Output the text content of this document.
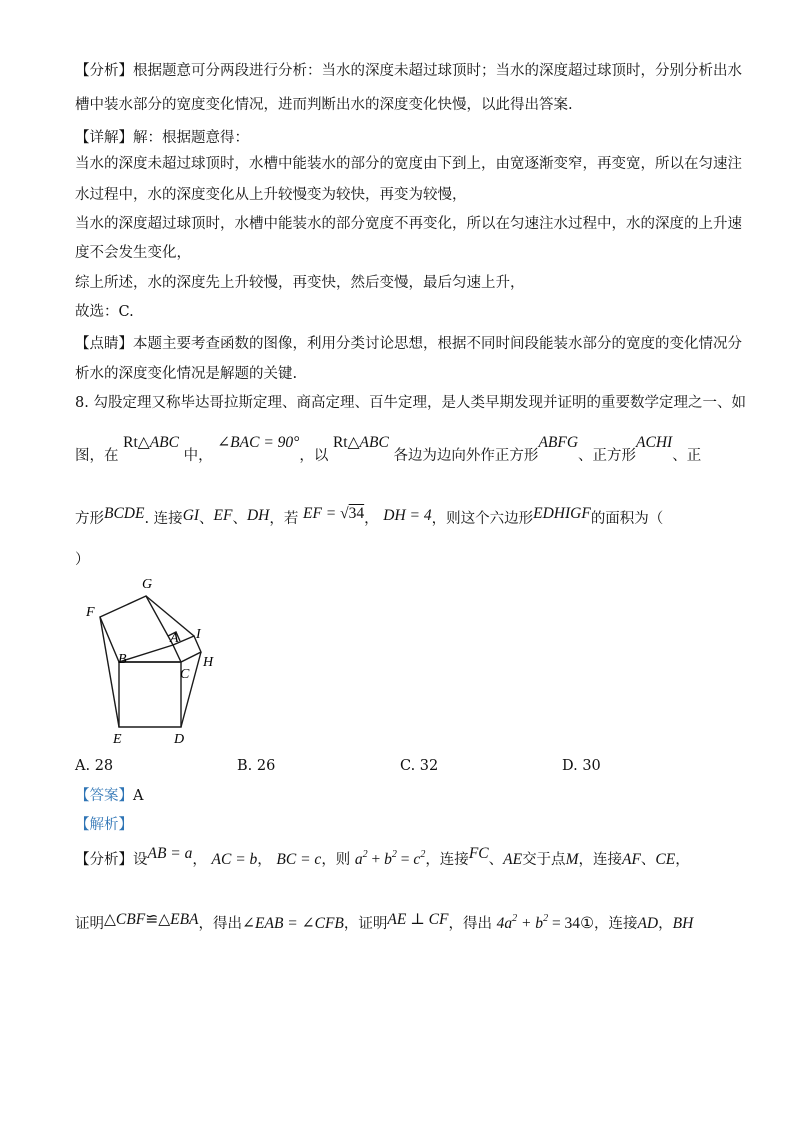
【分析】根据题意可分两段进行分析：当水的深度未超过球顶时；当水的深度超过球顶时，分别分析出水
槽中装水部分的宽度变化情况，进而判断出水的深度变化快慢，以此得出答案.
【详解】解：根据题意得：
当水的深度未超过球顶时，水槽中能装水的部分的宽度由下到上，由宽逐渐变窄，再变宽，所以在匀速注
水过程中，水的深度变化从上升较慢变为较快，再变为较慢，
当水的深度超过球顶时，水槽中能装水的部分宽度不再变化，所以在匀速注水过程中，水的深度的上升速
度不会发生变化，
综上所述，水的深度先上升较慢，再变快，然后变慢，最后匀速上升，
故选：C.
【点睛】本题主要考查函数的图像，利用分类讨论思想，根据不同时间段能装水部分的宽度的变化情况分
析水的深度变化情况是解题的关键.
8. 勾股定理又称毕达哥拉斯定理、商高定理、百牛定理，是人类早期发现并证明的重要数学定理之一、如
图，在 Rt△ABC 中， ∠BAC = 90°，以 Rt△ABC 各边为边向外作正方形ABFG、正方形ACHI、正
方形BCDE. 连接GI、EF、DH，若 EF = √34， DH = 4，则这个六边形EDHIGF的面积为（
）
G
F
A I
B	H
C
E	D
A. 28	B. 26	C. 32	D. 30
【答案】A
【解析】
【分析】设AB = a， AC = b， BC = c，则 $a^2 + b^2 = c^2$，连接FC、AE交于点M，连接AF、CE，
证明△CBF≌△EBA，得出∠EAB = ∠CFB，证明AE ⊥ CF，得出 $4a^2 + b^2$ = 34①，连接AD，BH
